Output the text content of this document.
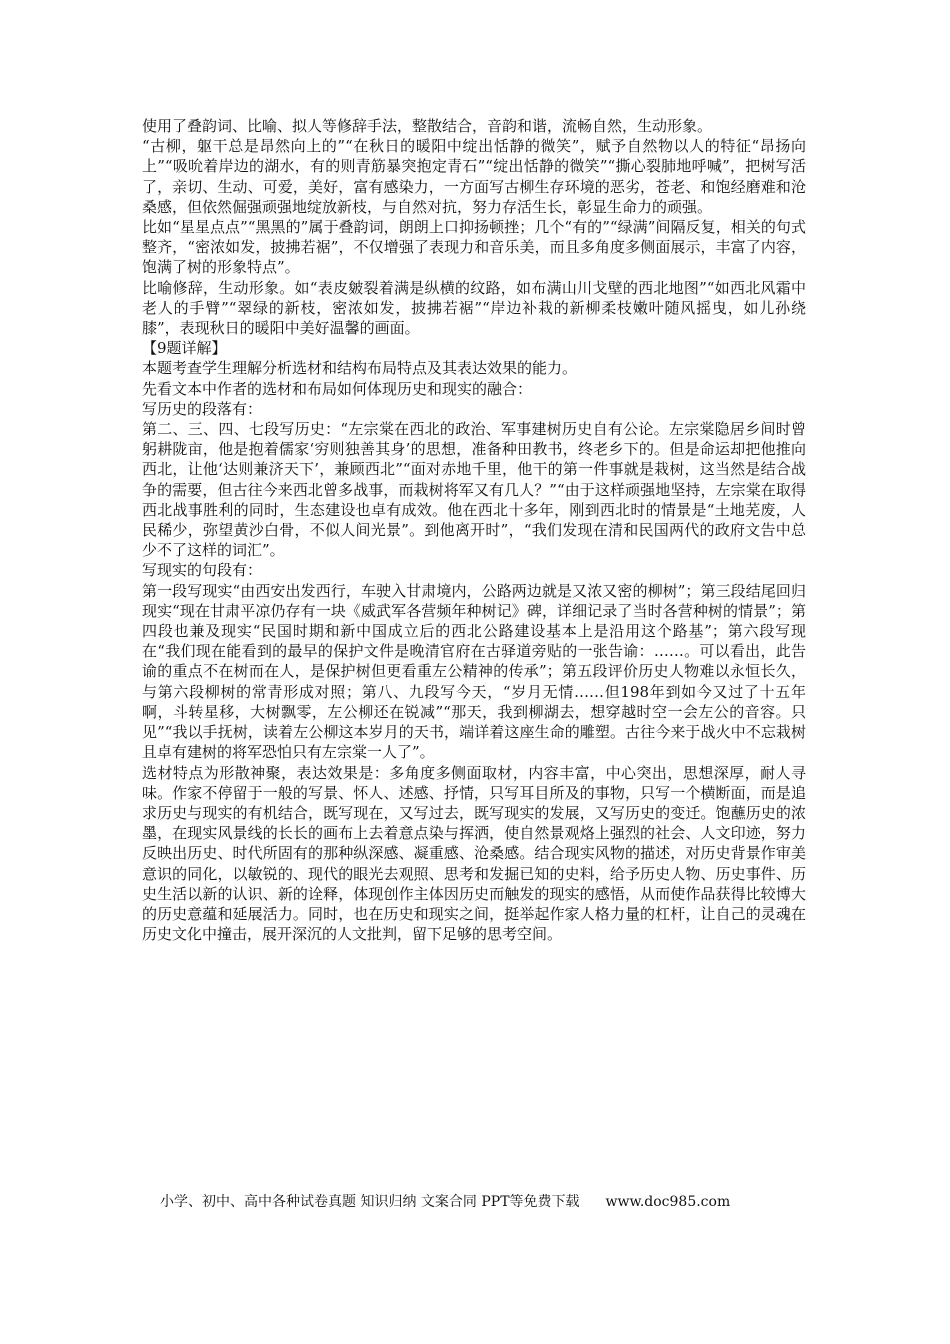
使用了叠韵词、比喻、拟人等修辞手法，整散结合，音韵和谐，流畅自然，生动形象。

“古柳，躯干总是昂然向上的”“在秋日的暖阳中绽出恬静的微笑”，赋予自然物以人的特征“昂扬向上”“吸吮着岸边的湖水，有的则青筋暴突抱定青石”“绽出恬静的微笑”“撕心裂肺地呼喊”，把树写活了，亲切、生动、可爱，美好，富有感染力，一方面写古柳生存环境的恶劣，苍老、和饱经磨难和沧桑感，但依然倔强顽强地绽放新枝，与自然对抗，努力存活生长，彰显生命力的顽强。

比如“星星点点”“黑黑的”属于叠韵词，朗朗上口抑扬顿挫；几个“有的”“绿满”间隔反复，相关的句式整齐，“密浓如发，披拂若裾”，不仅增强了表现力和音乐美，而且多角度多侧面展示，丰富了内容，饱满了树的形象特点”。

比喻修辞，生动形象。如“表皮皴裂着满是纵横的纹路，如布满山川戈壁的西北地图”“如西北风霜中老人的手臂”“翠绿的新枝，密浓如发，披拂若裾”“岸边补栽的新柳柔枝嫩叶随风摇曳，如儿孙绕膝”，表现秋日的暖阳中美好温馨的画面。

【9题详解】

本题考查学生理解分析选材和结构布局特点及其表达效果的能力。

先看文本中作者的选材和布局如何体现历史和现实的融合：

写历史的段落有：

第二、三、四、七段写历史：“左宗棠在西北的政治、军事建树历史自有公论。左宗棠隐居乡间时曾躬耕陇亩，他是抱着儒家‘穷则独善其身’的思想，准备种田教书，终老乡下的。但是命运却把他推向西北，让他‘达则兼济天下’，兼顾西北”“面对赤地千里，他干的第一件事就是栽树，这当然是结合战争的需要，但古往今来西北曾多战事，而栽树将军又有几人？”“由于这样顽强地坚持，左宗棠在取得西北战事胜利的同时，生态建设也卓有成效。他在西北十多年，刚到西北时的情景是“土地芜废，人民稀少，弥望黄沙白骨，不似人间光景”。到他离开时”，“我们发现在清和民国两代的政府文告中总少不了这样的词汇”。

写现实的句段有：

第一段写现实“由西安出发西行，车驶入甘肃境内，公路两边就是又浓又密的柳树”；第三段结尾回归现实“现在甘肃平凉仍存有一块《威武军各营频年种树记》碑，详细记录了当时各营种树的情景”；第四段也兼及现实“民国时期和新中国成立后的西北公路建设基本上是沿用这个路基”；第六段写现在“我们现在能看到的最早的保护文件是晚清官府在古驿道旁贴的一张告谕：……。可以看出，此告谕的重点不在树而在人，是保护树但更看重左公精神的传承”；第五段评价历史人物难以永恒长久，与第六段柳树的常青形成对照；第八、九段写今天，“岁月无情……但198年到如今又过了十五年啊，斗转星移，大树飘零，左公柳还在锐减”“那天，我到柳湖去，想穿越时空一会左公的音容。只见”“我以手抚树，读着左公柳这本岁月的天书，端详着这座生命的雕塑。古往今来于战火中不忘栽树且卓有建树的将军恐怕只有左宗棠一人了”。

选材特点为形散神聚，表达效果是：多角度多侧面取材，内容丰富，中心突出，思想深厚，耐人寻味。作家不停留于一般的写景、怀人、述感、抒情，只写耳目所及的事物，只写一个横断面，而是追求历史与现实的有机结合，既写现在，又写过去，既写现实的发展，又写历史的变迁。饱蘸历史的浓墨，在现实风景线的长长的画布上去着意点染与挥洒，使自然景观烙上强烈的社会、人文印迹，努力反映出历史、时代所固有的那种纵深感、凝重感、沧桑感。结合现实风物的描述，对历史背景作审美意识的同化，以敏锐的、现代的眼光去观照、思考和发掘已知的史料，给予历史人物、历史事件、历史生活以新的认识、新的诠释，体现创作主体因历史而触发的现实的感悟，从而使作品获得比较博大的历史意蕴和延展活力。同时，也在历史和现实之间，挺举起作家人格力量的杠杆，让自己的灵魂在历史文化中撞击，展开深沉的人文批判，留下足够的思考空间。

小学、初中、高中各种试卷真题 知识归纳 文案合同 PPT等免费下载 www.doc985.com
